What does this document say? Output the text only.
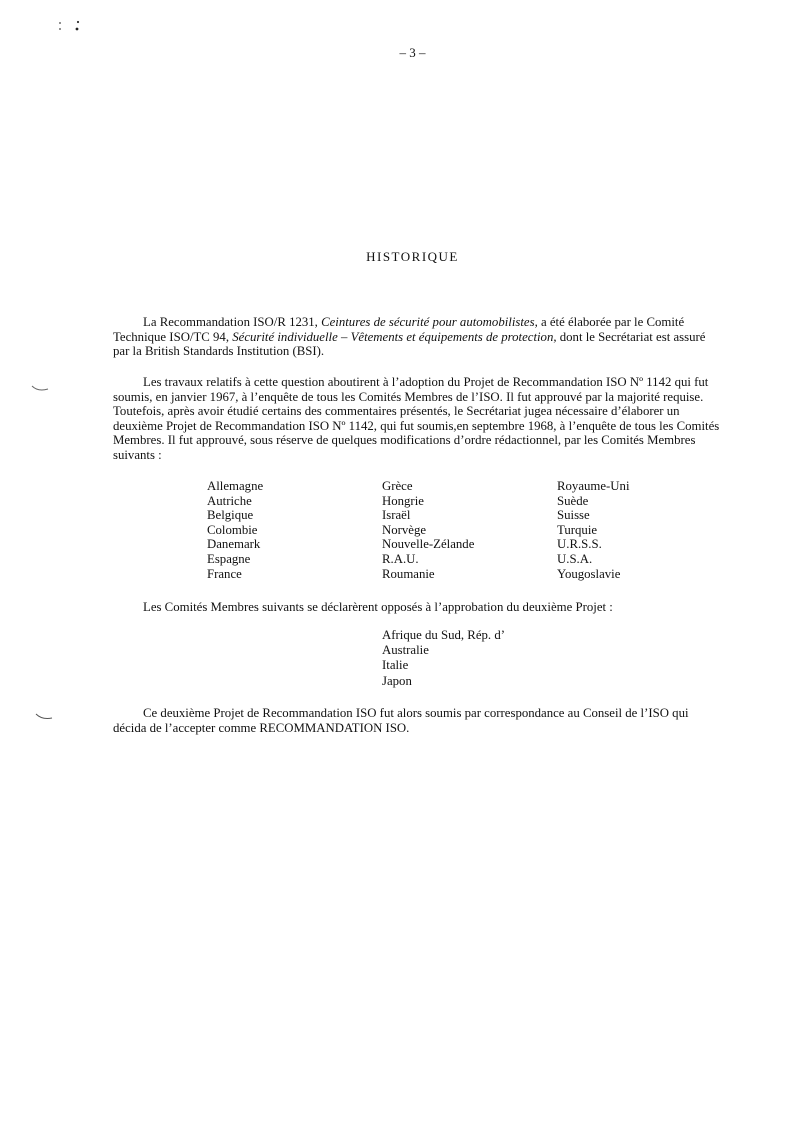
– 3 –
HISTORIQUE

La Recommandation ISO/R 1231, Ceintures de sécurité pour automobilistes, a été élaborée par le Comité Technique ISO/TC 94, Sécurité individuelle – Vêtements et équipements de protection, dont le Secrétariat est assuré par la British Standards Institution (BSI).

Les travaux relatifs à cette question aboutirent à l’adoption du Projet de Recommandation ISO Nº 1142 qui fut soumis, en janvier 1967, à l’enquête de tous les Comités Membres de l’ISO. Il fut approuvé par la majorité requise. Toutefois, après avoir étudié certains des commentaires présentés, le Secrétariat jugea nécessaire d’élaborer un deuxième Projet de Recommandation ISO Nº 1142, qui fut soumis,en septembre 1968, à l’enquête de tous les Comités Membres. Il fut approuvé, sous réserve de quelques modifications d’ordre rédactionnel, par les Comités Membres suivants :

Allemagne
Autriche
Belgique
Colombie
Danemark
Espagne
France
Grèce
Hongrie
Israël
Norvège
Nouvelle-Zélande
R.A.U.
Roumanie
Royaume-Uni
Suède
Suisse
Turquie
U.R.S.S.
U.S.A.
Yougoslavie

Les Comités Membres suivants se déclarèrent opposés à l’approbation du deuxième Projet :

Afrique du Sud, Rép. d’
Australie
Italie
Japon

Ce deuxième Projet de Recommandation ISO fut alors soumis par correspondance au Conseil de l’ISO qui décida de l’accepter comme RECOMMANDATION ISO.
